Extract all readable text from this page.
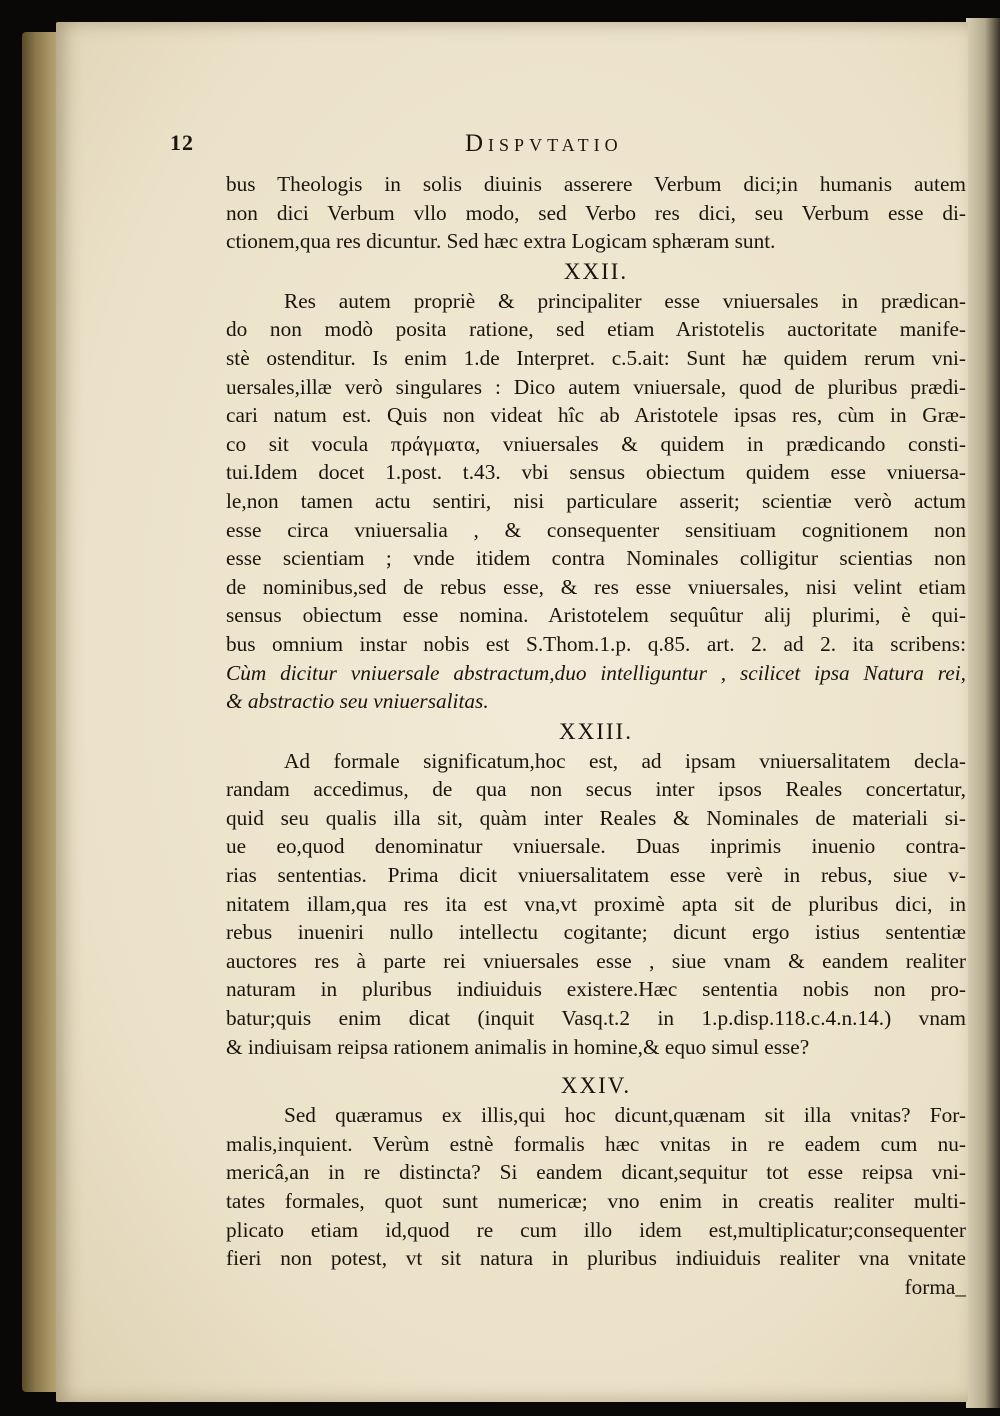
12	Dispvtatio
bus Theologis in solis diuinis asserere Verbum dici;in humanis autem
non dici Verbum vllo modo, sed Verbo res dici, seu Verbum esse di-
ctionem,qua res dicuntur. Sed hæc extra Logicam sphæram sunt.
XXII.
Res autem propriè & principaliter esse vniuersales in prædican-
do non modò posita ratione, sed etiam Aristotelis auctoritate manife-
stè ostenditur. Is enim 1.de Interpret. c.5.ait: Sunt hæ quidem rerum vni-
uersales,illæ verò singulares : Dico autem vniuersale, quod de pluribus prædi-
cari natum est. Quis non videat hîc ab Aristotele ipsas res, cùm in Græ-
co sit vocula πράγματα, vniuersales & quidem in prædicando consti-
tui.Idem docet 1.post. t.43. vbi sensus obiectum quidem esse vniuersa-
le,non tamen actu sentiri, nisi particulare asserit; scientiæ verò actum
esse circa vniuersalia , & consequenter sensitiuam cognitionem non
esse scientiam ; vnde itidem contra Nominales colligitur scientias non
de nominibus,sed de rebus esse, & res esse vniuersales, nisi velint etiam
sensus obiectum esse nomina. Aristotelem sequûtur alij plurimi, è qui-
bus omnium instar nobis est S.Thom.1.p. q.85. art. 2. ad 2. ita scribens:
Cùm dicitur vniuersale abstractum,duo intelliguntur , scilicet ipsa Natura rei,
& abstractio seu vniuersalitas.
XXIII.
Ad formale significatum,hoc est, ad ipsam vniuersalitatem decla-
randam accedimus, de qua non secus inter ipsos Reales concertatur,
quid seu qualis illa sit, quàm inter Reales & Nominales de materiali si-
ue eo,quod denominatur vniuersale. Duas inprimis inuenio contra-
rias sententias. Prima dicit vniuersalitatem esse verè in rebus, siue v-
nitatem illam,qua res ita est vna,vt proximè apta sit de pluribus dici, in
rebus inueniri nullo intellectu cogitante; dicunt ergo istius sententiæ
auctores res à parte rei vniuersales esse , siue vnam & eandem realiter
naturam in pluribus indiuiduis existere.Hæc sententia nobis non pro-
batur;quis enim dicat (inquit Vasq.t.2 in 1.p.disp.118.c.4.n.14.) vnam
& indiuisam reipsa rationem animalis in homine,& equo simul esse?
XXIV.
Sed quæramus ex illis,qui hoc dicunt,quænam sit illa vnitas? For-
malis,inquient. Verùm estnè formalis hæc vnitas in re eadem cum nu-
mericâ,an in re distincta? Si eandem dicant,sequitur tot esse reipsa vni-
tates formales, quot sunt numericæ; vno enim in creatis realiter multi-
plicato etiam id,quod re cum illo idem est,multiplicatur;consequenter
fieri non potest, vt sit natura in pluribus indiuiduis realiter vna vnitate
forma_
